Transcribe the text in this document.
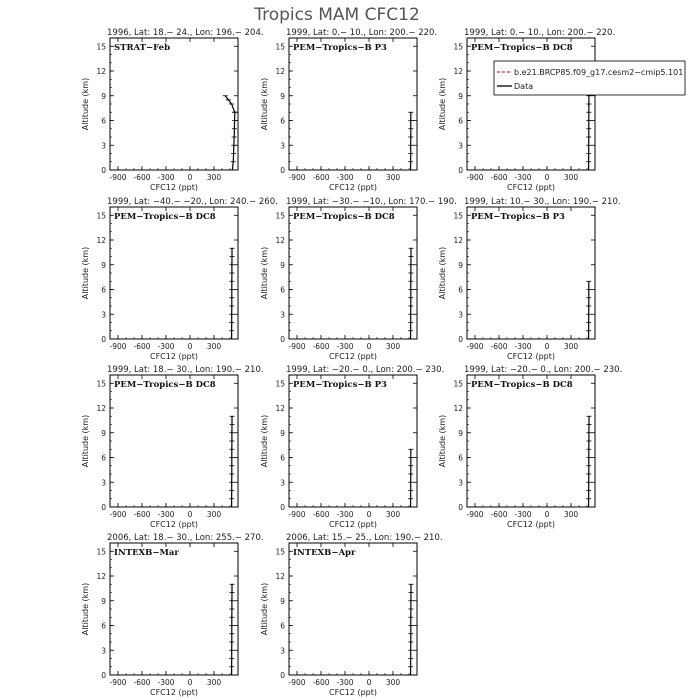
Tropics MAM CFC12
1996, Lat: 18.− 24., Lon: 196.− 204.
STRAT−Feb
-900 -600 -300 0 300
0
3
6
9
12
15
CFC12 (ppt)
Altitude (km)
1999, Lat: 0.− 10., Lon: 200.− 220.
PEM−Tropics−B P3
-900 -600 -300 0 300
0
3
6
9
12
15
CFC12 (ppt)
Altitude (km)
1999, Lat: 0.− 10., Lon: 200.− 220.
PEM−Tropics−B DC8
-900 -600 -300 0 300
0
3
6
9
12
15
CFC12 (ppt)
Altitude (km)
b.e21.BRCP85.f09_g17.cesm2−cmip5.101
Data
1999, Lat: −40.− −20., Lon: 240.− 260.
PEM−Tropics−B DC8
-900 -600 -300 0 300
0
3
6
9
12
15
CFC12 (ppt)
Altitude (km)
1999, Lat: −30.− −10., Lon: 170.− 190.
PEM−Tropics−B DC8
-900 -600 -300 0 300
0
3
6
9
12
15
CFC12 (ppt)
Altitude (km)
1999, Lat: 10.− 30., Lon: 190.− 210.
PEM−Tropics−B P3
-900 -600 -300 0 300
0
3
6
9
12
15
CFC12 (ppt)
Altitude (km)
1999, Lat: 18.− 30., Lon: 190.− 210.
PEM−Tropics−B DC8
-900 -600 -300 0 300
0
3
6
9
12
15
CFC12 (ppt)
Altitude (km)
1999, Lat: −20.− 0., Lon: 200.− 230.
PEM−Tropics−B P3
-900 -600 -300 0 300
0
3
6
9
12
15
CFC12 (ppt)
Altitude (km)
1999, Lat: −20.− 0., Lon: 200.− 230.
PEM−Tropics−B DC8
-900 -600 -300 0 300
0
3
6
9
12
15
CFC12 (ppt)
Altitude (km)
2006, Lat: 18.− 30., Lon: 255.− 270.
INTEXB−Mar
-900 -600 -300 0 300
0
3
6
9
12
15
CFC12 (ppt)
Altitude (km)
2006, Lat: 15.− 25., Lon: 190.− 210.
INTEXB−Apr
-900 -600 -300 0 300
0
3
6
9
12
15
CFC12 (ppt)
Altitude (km)
